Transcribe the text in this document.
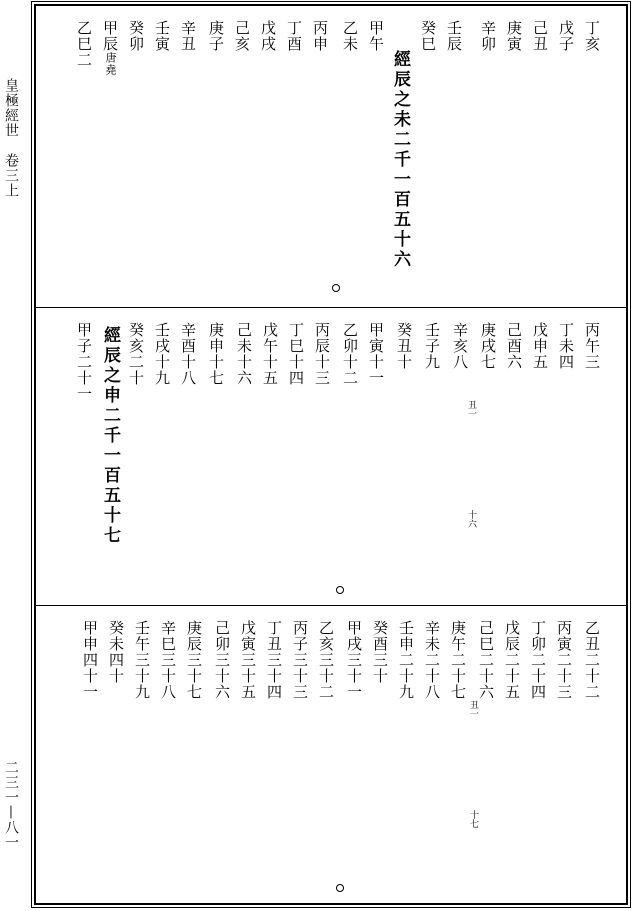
皇極經世　卷三上
二三一—八一
丁亥
戊子
己丑
庚寅
辛卯
壬辰
癸巳
經辰之未二千一百五十六
甲午
乙未
丙申
丁酉
戊戌
己亥
庚子
辛丑
壬寅
癸卯
甲辰唐堯
乙巳二
丙午三
丁未四
戊申五
己酉六
庚戌七
辛亥八
壬子九
癸丑十
甲寅十一
乙卯十二
丙辰十三
丁巳十四
戊午十五
己未十六
庚申十七
辛酉十八
壬戌十九
癸亥二十
經辰之申二千一百五十七
甲子二十一
丑一
十六
乙丑二十二
丙寅二十三
丁卯二十四
戊辰二十五
己巳二十六
庚午二十七
辛未二十八
壬申二十九
癸酉三十
甲戌三十一
乙亥三十二
丙子三十三
丁丑三十四
戊寅三十五
己卯三十六
庚辰三十七
辛巳三十八
壬午三十九
癸未四十
甲申四十一
丑一
十七
